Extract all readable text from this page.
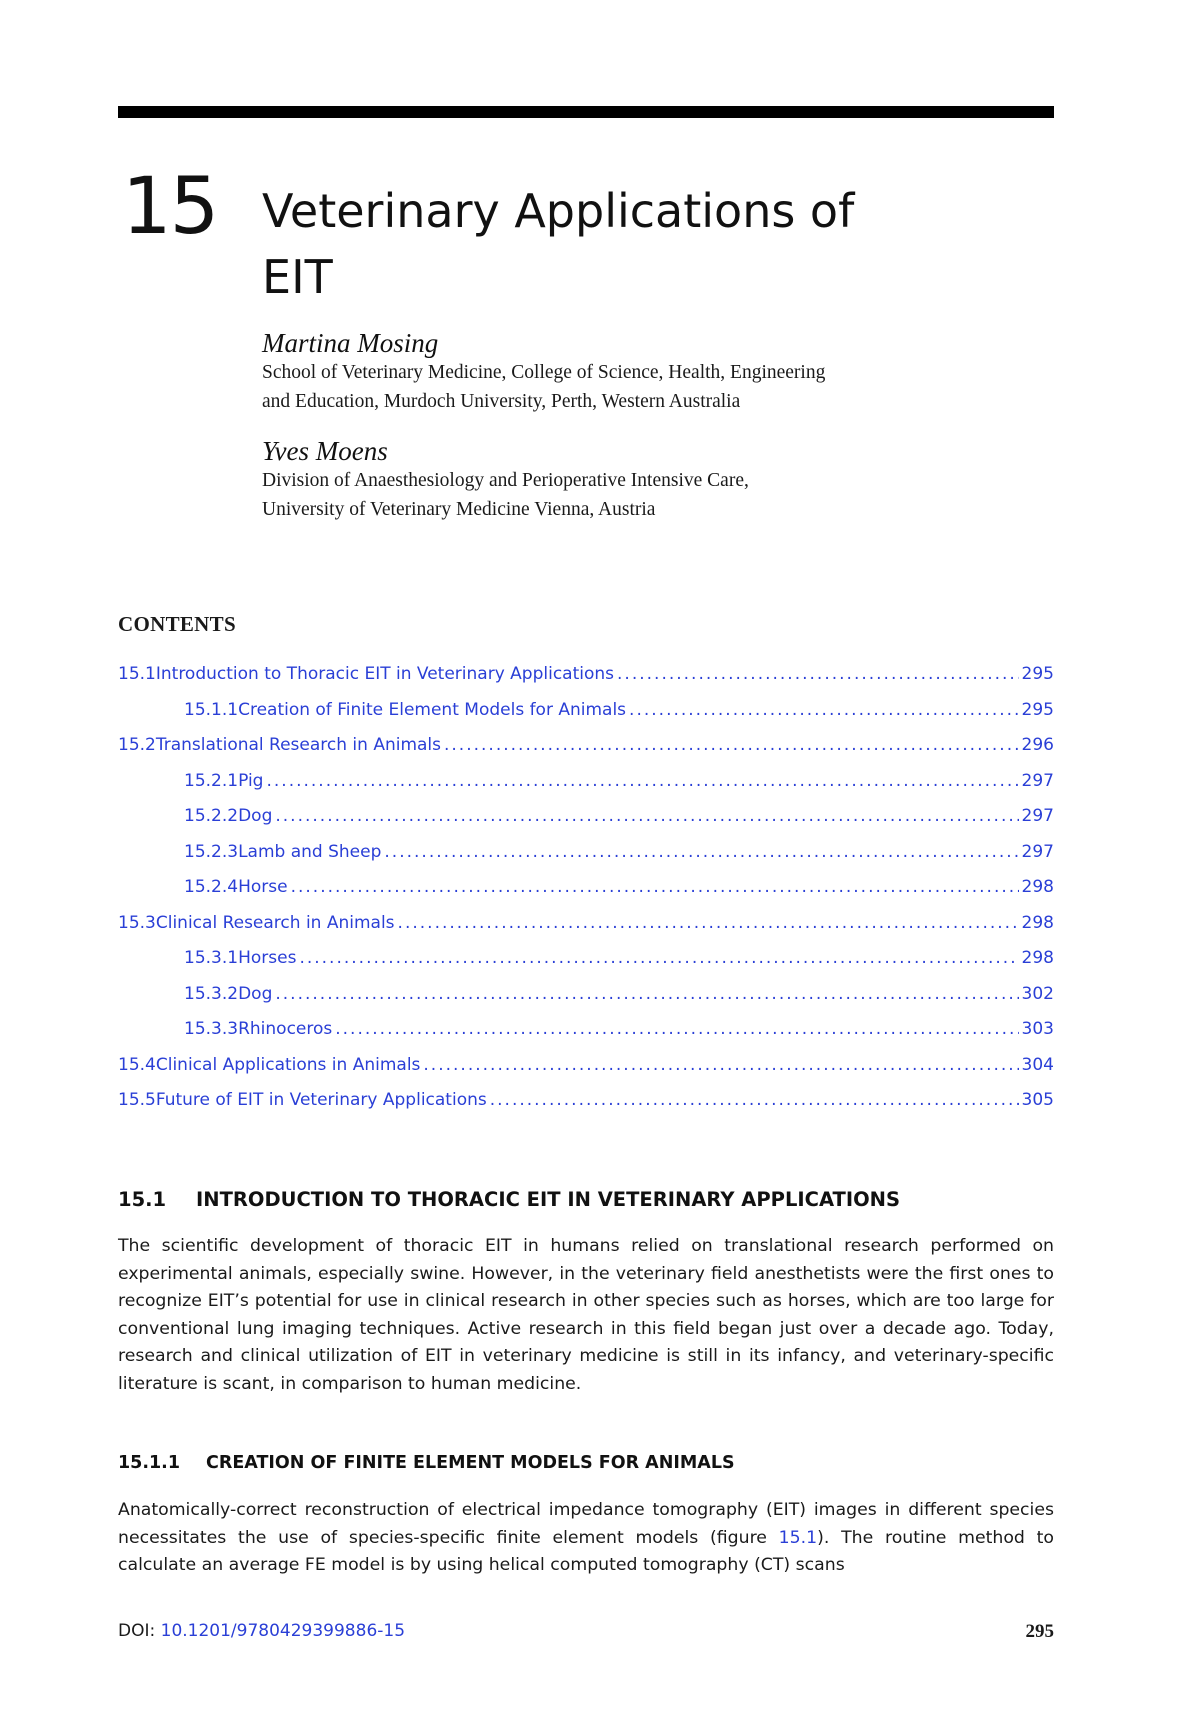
15 Veterinary Applications of
EIT
Martina Mosing
School of Veterinary Medicine, College of Science, Health, Engineering
and Education, Murdoch University, Perth, Western Australia
Yves Moens
Division of Anaesthesiology and Perioperative Intensive Care,
University of Veterinary Medicine Vienna, Austria
CONTENTS
15.1 Introduction to Thoracic EIT in Veterinary Applications .....	295
15.1.1 Creation of Finite Element Models for Animals .....	295
15.2 Translational Research in Animals .....	296
15.2.1 Pig .....	297
15.2.2 Dog .....	297
15.2.3 Lamb and Sheep .....	297
15.2.4 Horse .....	298
15.3 Clinical Research in Animals .....	298
15.3.1 Horses .....	298
15.3.2 Dog .....	302
15.3.3 Rhinoceros .....	303
15.4 Clinical Applications in Animals .....	304
15.5 Future of EIT in Veterinary Applications .....	305
15.1 INTRODUCTION TO THORACIC EIT IN VETERINARY APPLICATIONS
The scientific development of thoracic EIT in humans relied on translational research performed on experimental animals, especially swine. However, in the veterinary field anesthetists were the first ones to recognize EIT’s potential for use in clinical research in other species such as horses, which are too large for conventional lung imaging techniques. Active research in this field began just over a decade ago. Today, research and clinical utilization of EIT in veterinary medicine is still in its infancy, and veterinary-specific literature is scant, in comparison to human medicine.
15.1.1 CREATION OF FINITE ELEMENT MODELS FOR ANIMALS
Anatomically-correct reconstruction of electrical impedance tomography (EIT) images in different species necessitates the use of species-specific finite element models (figure 15.1). The routine method to calculate an average FE model is by using helical computed tomography (CT) scans
DOI: 10.1201/9780429399886-15	295
